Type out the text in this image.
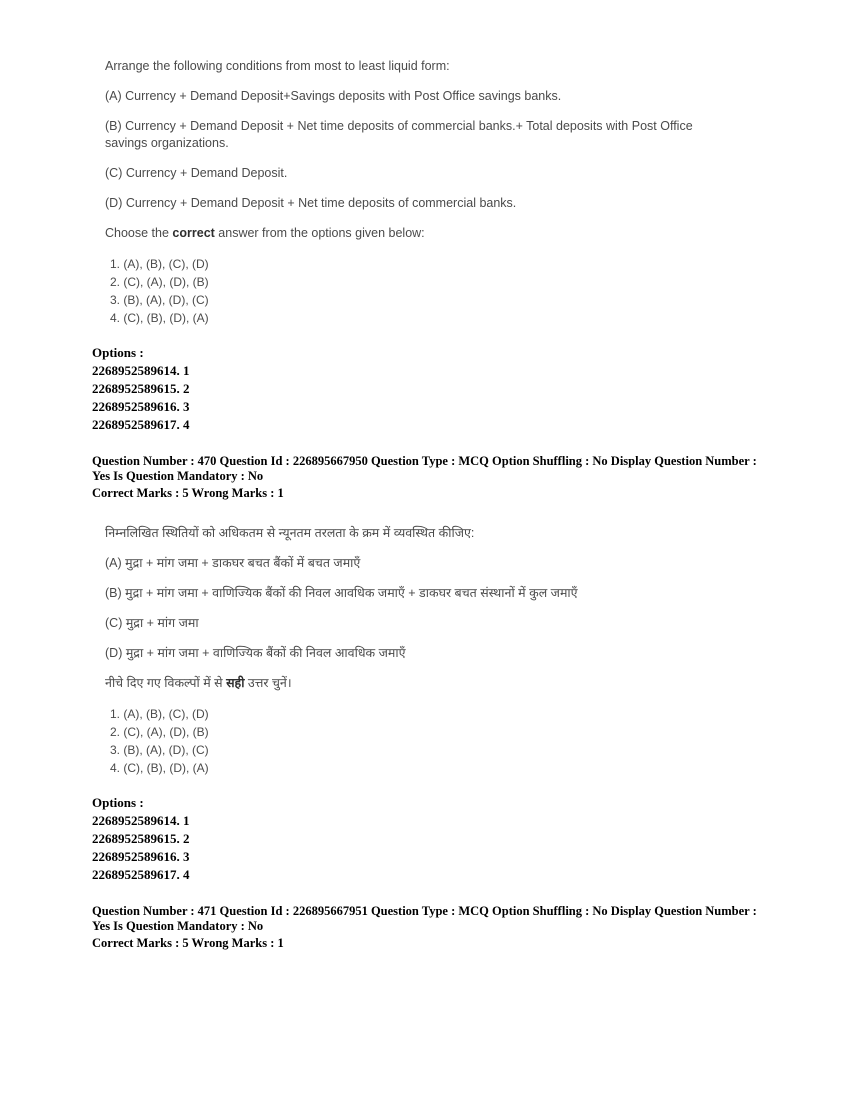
Arrange the following conditions from most to least liquid form:

(A) Currency + Demand Deposit+Savings deposits with Post Office savings banks.

(B) Currency + Demand Deposit + Net time deposits of commercial banks.+ Total deposits with Post Office savings organizations.

(C) Currency + Demand Deposit.

(D) Currency + Demand Deposit + Net time deposits of commercial banks.

Choose the correct answer from the options given below:

1. (A), (B), (C), (D)
2. (C), (A), (D), (B)
3. (B), (A), (D), (C)
4. (C), (B), (D), (A)
Options :
2268952589614. 1
2268952589615. 2
2268952589616. 3
2268952589617. 4
Question Number : 470 Question Id : 226895667950 Question Type : MCQ Option Shuffling : No Display Question Number : Yes Is Question Mandatory : No
Correct Marks : 5 Wrong Marks : 1

निम्नलिखित स्थितियों को अधिकतम से न्यूनतम तरलता के क्रम में व्यवस्थित कीजिए:

(A) मुद्रा + मांग जमा + डाकघर बचत बैंकों में बचत जमाएँ

(B) मुद्रा + मांग जमा + वाणिज्यिक बैंकों की निवल आवधिक जमाएँ + डाकघर बचत संस्थानों में कुल जमाएँ

(C) मुद्रा + मांग जमा

(D) मुद्रा + मांग जमा + वाणिज्यिक बैंकों की निवल आवधिक जमाएँ

नीचे दिए गए विकल्पों में से सही उत्तर चुनें।

1. (A), (B), (C), (D)
2. (C), (A), (D), (B)
3. (B), (A), (D), (C)
4. (C), (B), (D), (A)
Options :
2268952589614. 1
2268952589615. 2
2268952589616. 3
2268952589617. 4
Question Number : 471 Question Id : 226895667951 Question Type : MCQ Option Shuffling : No Display Question Number : Yes Is Question Mandatory : No
Correct Marks : 5 Wrong Marks : 1
